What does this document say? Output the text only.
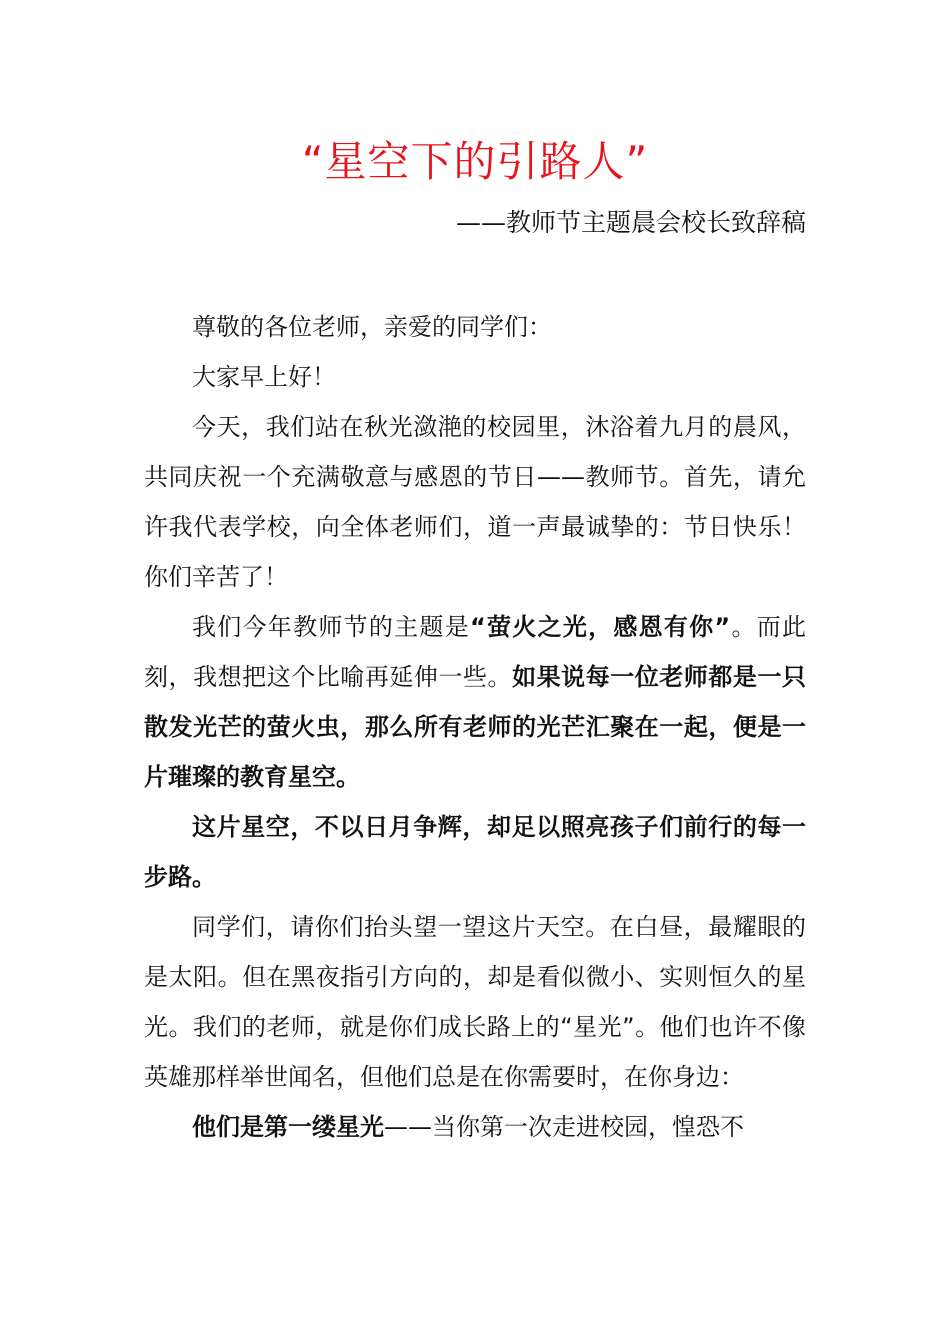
“星空下的引路人”
——教师节主题晨会校长致辞稿

尊敬的各位老师，亲爱的同学们：

大家早上好！

今天，我们站在秋光潋滟的校园里，沐浴着九月的晨风，共同庆祝一个充满敬意与感恩的节日——教师节。首先，请允许我代表学校，向全体老师们，道一声最诚挚的：节日快乐！你们辛苦了！

我们今年教师节的主题是“萤火之光，感恩有你”。而此刻，我想把这个比喻再延伸一些。如果说每一位老师都是一只散发光芒的萤火虫，那么所有老师的光芒汇聚在一起，便是一片璀璨的教育星空。

这片星空，不以日月争辉，却足以照亮孩子们前行的每一步路。

同学们，请你们抬头望一望这片天空。在白昼，最耀眼的是太阳。但在黑夜指引方向的，却是看似微小、实则恒久的星光。我们的老师，就是你们成长路上的“星光”。他们也许不像英雄那样举世闻名，但他们总是在你需要时，在你身边：

他们是第一缕星光——当你第一次走进校园，惶恐不
